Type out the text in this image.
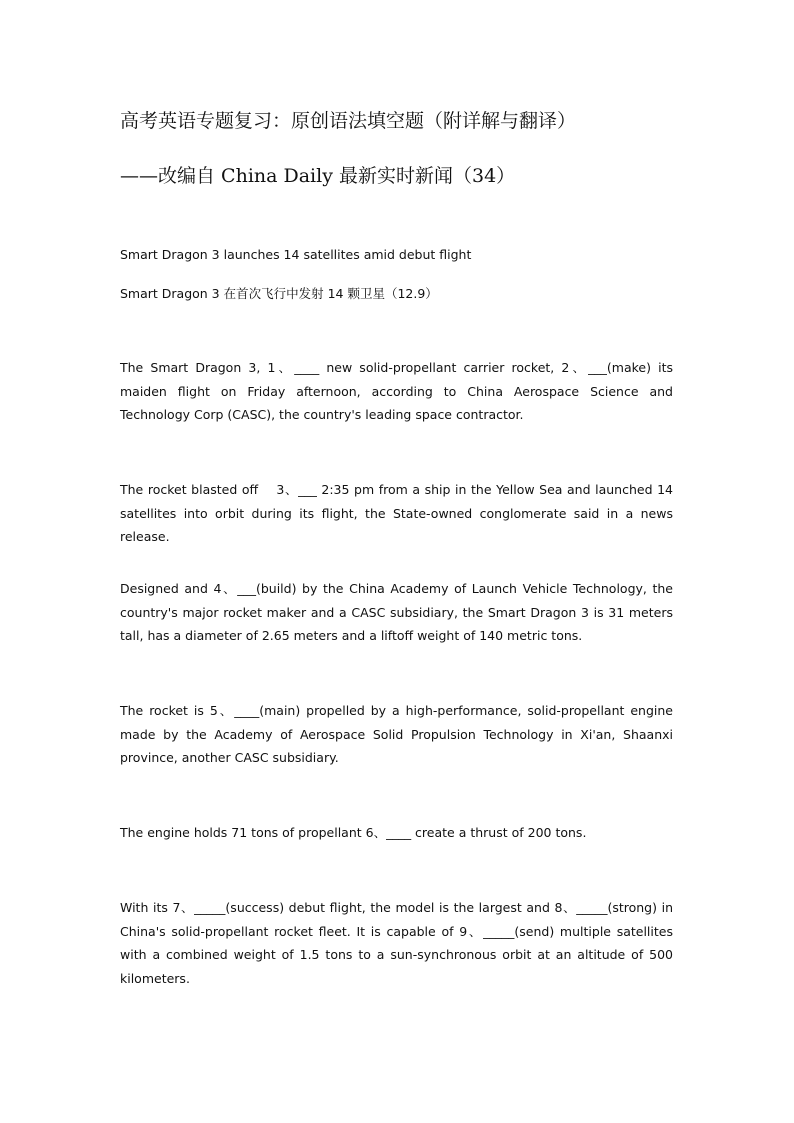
高考英语专题复习：原创语法填空题（附详解与翻译）
——改编自 China Daily 最新实时新闻（34）

Smart Dragon 3 launches 14 satellites amid debut flight

Smart Dragon 3 在首次飞行中发射 14 颗卫星（12.9）

The Smart Dragon 3, 1、____ new solid-propellant carrier rocket, 2、___(make) its maiden flight on Friday afternoon, according to China Aerospace Science and Technology Corp (CASC), the country's leading space contractor.

The rocket blasted off    3、___ 2:35 pm from a ship in the Yellow Sea and launched 14 satellites into orbit during its flight, the State-owned conglomerate said in a news release.

Designed and 4、___(build) by the China Academy of Launch Vehicle Technology, the country's major rocket maker and a CASC subsidiary, the Smart Dragon 3 is 31 meters tall, has a diameter of 2.65 meters and a liftoff weight of 140 metric tons.

The rocket is 5、____(main) propelled by a high-performance, solid-propellant engine made by the Academy of Aerospace Solid Propulsion Technology in Xi'an, Shaanxi province, another CASC subsidiary.

The engine holds 71 tons of propellant 6、____ create a thrust of 200 tons.

With its 7、_____(success) debut flight, the model is the largest and 8、_____(strong) in China's solid-propellant rocket fleet. It is capable of 9、_____(send) multiple satellites with a combined weight of 1.5 tons to a sun-synchronous orbit at an altitude of 500 kilometers.
